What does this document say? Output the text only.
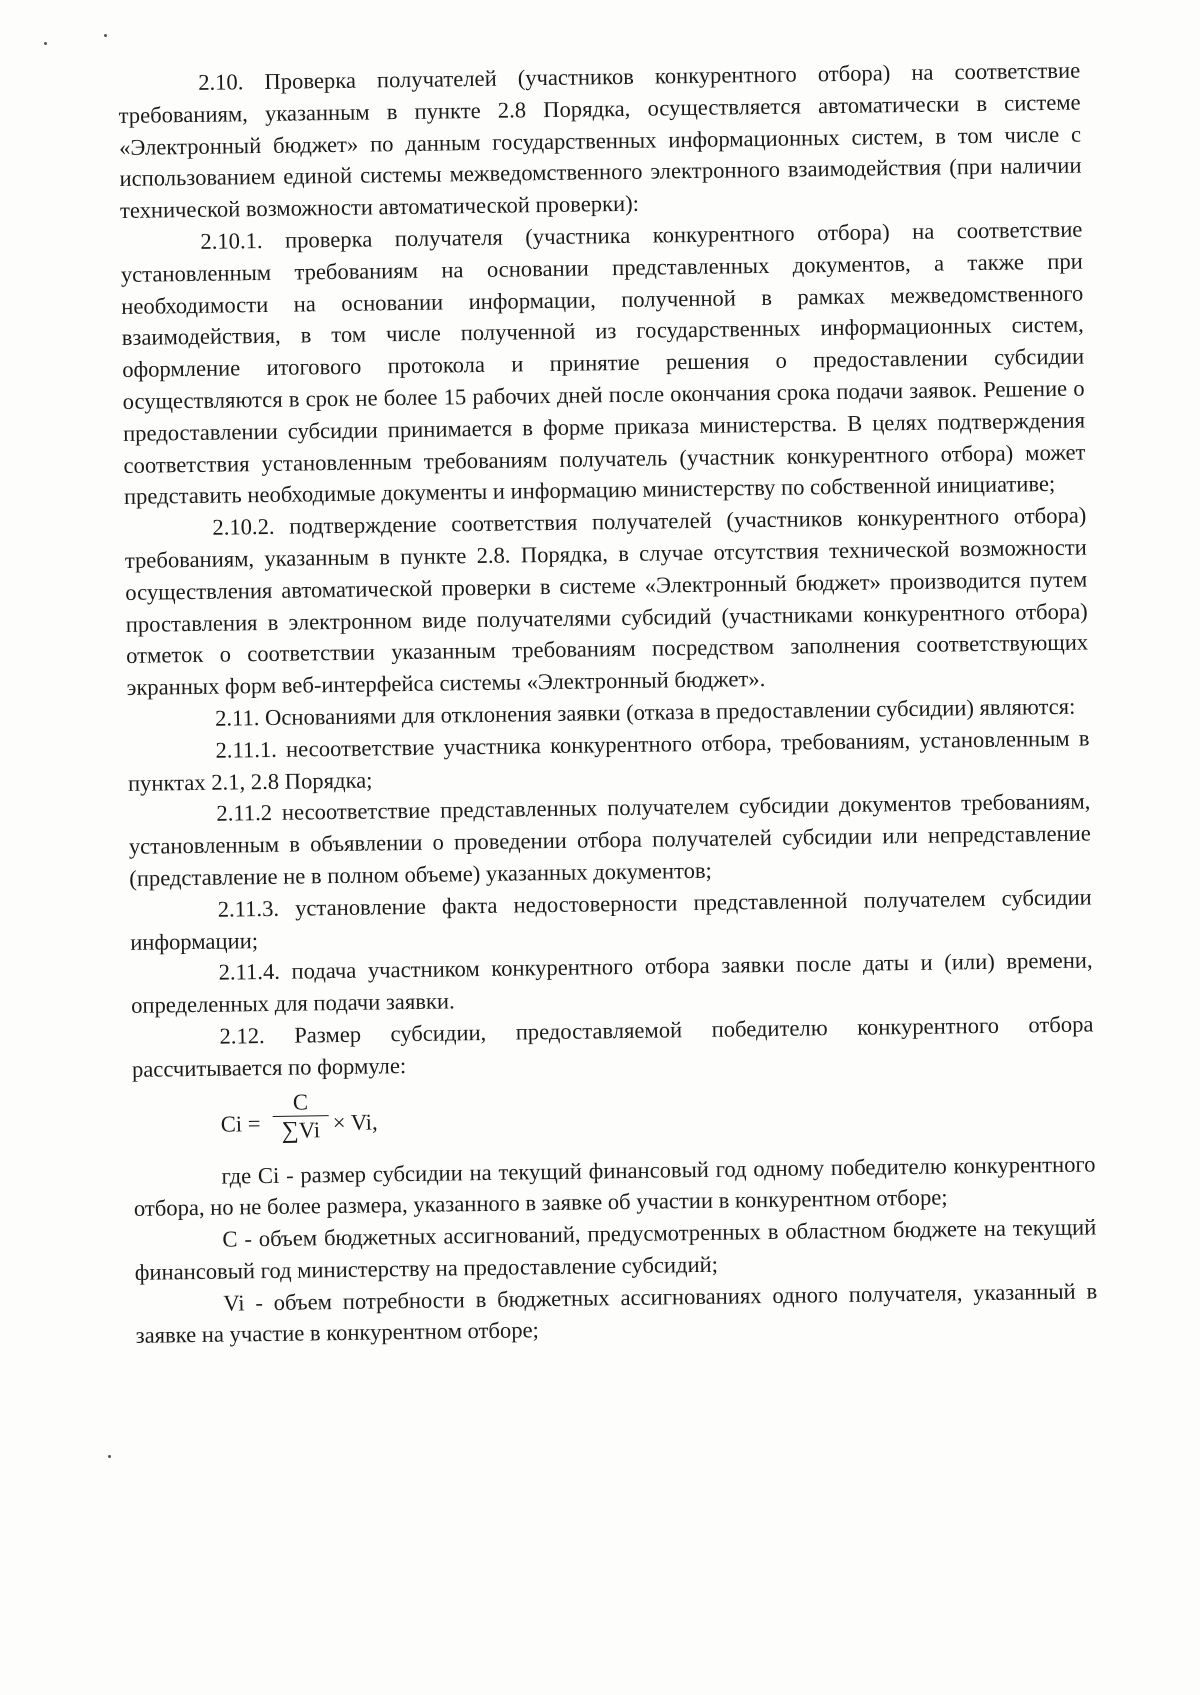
2.10. Проверка получателей (участников конкурентного отбора) на соответствие требованиям, указанным в пункте 2.8 Порядка, осуществляется автоматически в системе «Электронный бюджет» по данным государственных информационных систем, в том числе с использованием единой системы межведомственного электронного взаимодействия (при наличии технической возможности автоматической проверки):

2.10.1. проверка получателя (участника конкурентного отбора) на соответствие установленным требованиям на основании представленных документов, а также при необходимости на основании информации, полученной в рамках межведомственного взаимодействия, в том числе полученной из государственных информационных систем, оформление итогового протокола и принятие решения о предоставлении субсидии осуществляются в срок не более 15 рабочих дней после окончания срока подачи заявок. Решение о предоставлении субсидии принимается в форме приказа министерства. В целях подтверждения соответствия установленным требованиям получатель (участник конкурентного отбора) может представить необходимые документы и информацию министерству по собственной инициативе;

2.10.2. подтверждение соответствия получателей (участников конкурентного отбора) требованиям, указанным в пункте 2.8. Порядка, в случае отсутствия технической возможности осуществления автоматической проверки в системе «Электронный бюджет» производится путем проставления в электронном виде получателями субсидий (участниками конкурентного отбора) отметок о соответствии указанным требованиям посредством заполнения соответствующих экранных форм веб-интерфейса системы «Электронный бюджет».

2.11. Основаниями для отклонения заявки (отказа в предоставлении субсидии) являются:

2.11.1. несоответствие участника конкурентного отбора, требованиям, установленным в пунктах 2.1, 2.8 Порядка;

2.11.2 несоответствие представленных получателем субсидии документов требованиям, установленным в объявлении о проведении отбора получателей субсидии или непредставление (представление не в полном объеме) указанных документов;

2.11.3. установление факта недостоверности представленной получателем субсидии информации;

2.11.4. подача участником конкурентного отбора заявки после даты и (или) времени, определенных для подачи заявки.

2.12. Размер субсидии, предоставляемой победителю конкурентного отбора рассчитывается по формуле:

Ci =
C
∑Vi × Vi,

где Ci - размер субсидии на текущий финансовый год одному победителю конкурентного отбора, но не более размера, указанного в заявке об участии в конкурентном отборе;

C - объем бюджетных ассигнований, предусмотренных в областном бюджете на текущий финансовый год министерству на предоставление субсидий;

Vi - объем потребности в бюджетных ассигнованиях одного получателя, указанный в заявке на участие в конкурентном отборе;
